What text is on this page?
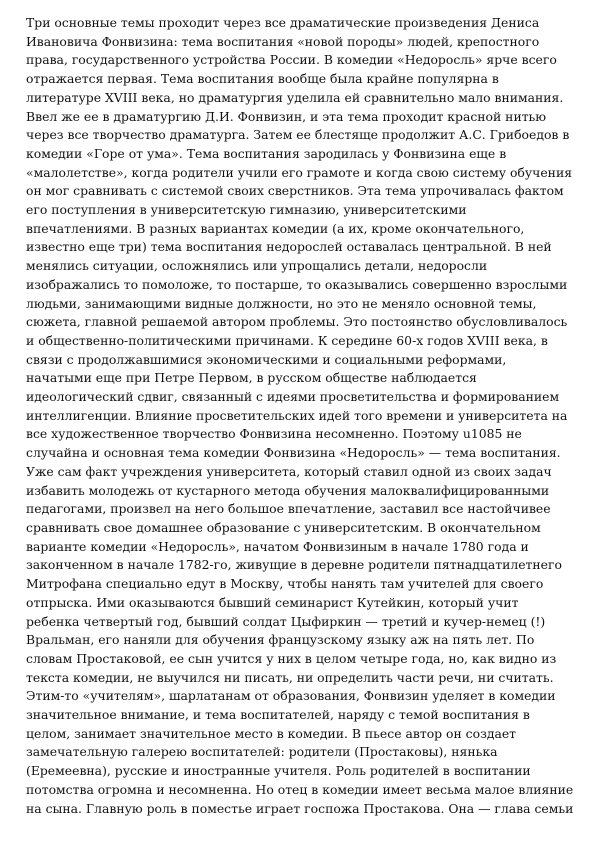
Три основные темы проходит через все драматические произведения Дениса
Ивановича Фонвизина: тема воспитания «новой породы» людей, крепостного
права, государственного устройства России. В комедии «Недоросль» ярче всего
отражается первая. Тема воспитания вообще была крайне популярна в
литературе XVIII века, но драматургия уделила ей сравнительно мало внимания.
Ввел же ее в драматургию Д.И. Фонвизин, и эта тема проходит красной нитью
через все творчество драматурга. Затем ее блестяще продолжит А.С. Грибоедов в
комедии «Горе от ума». Тема воспитания зародилась у Фонвизина еще в
«малолетстве», когда родители учили его грамоте и когда свою систему обучения
он мог сравнивать с системой своих сверстников. Эта тема упрочивалась фактом
его поступления в университетскую гимназию, университетскими
впечатлениями. В разных вариантах комедии (а их, кроме окончательного,
известно еще три) тема воспитания недорослей оставалась центральной. В ней
менялись ситуации, осложнялись или упрощались детали, недоросли
изображались то помоложе, то постарше, то оказывались совершенно взрослыми
людьми, занимающими видные должности, но это не меняло основной темы,
сюжета, главной решаемой автором проблемы. Это постоянство обусловливалось
и общественно-политическими причинами. К середине 60-х годов XVIII века, в
связи с продолжавшимися экономическими и социальными реформами,
начатыми еще при Петре Первом, в русском обществе наблюдается
идеологический сдвиг, связанный с идеями просветительства и формированием
интеллигенции. Влияние просветительских идей того времени и университета на
все художественное творчество Фонвизина несомненно. Поэтому u1085 не
случайна и основная тема комедии Фонвизина «Недоросль» — тема воспитания.
Уже сам факт учреждения университета, который ставил одной из своих задач
избавить молодежь от кустарного метода обучения малоквалифицированными
педагогами, произвел на него большое впечатление, заставил все настойчивее
сравнивать свое домашнее образование с университетским. В окончательном
варианте комедии «Недоросль», начатом Фонвизиным в начале 1780 года и
законченном в начале 1782-го, живущие в деревне родители пятнадцатилетнего
Митрофана специально едут в Москву, чтобы нанять там учителей для своего
отпрыска. Ими оказываются бывший семинарист Кутейкин, который учит
ребенка четвертый год, бывший солдат Цыфиркин — третий и кучер-немец (!)
Вральман, его наняли для обучения французскому языку аж на пять лет. По
словам Простаковой, ее сын учится у них в целом четыре года, но, как видно из
текста комедии, не выучился ни писать, ни определить части речи, ни считать.
Этим-то «учителям», шарлатанам от образования, Фонвизин уделяет в комедии
значительное внимание, и тема воспитателей, наряду с темой воспитания в
целом, занимает значительное место в комедии. В пьесе автор он создает
замечательную галерею воспитателей: родители (Простаковы), нянька
(Еремеевна), русские и иностранные учителя. Роль родителей в воспитании
потомства огромна и несомненна. Но отец в комедии имеет весьма малое влияние
на сына. Главную роль в поместье играет госпожа Простакова. Она — глава семьи
